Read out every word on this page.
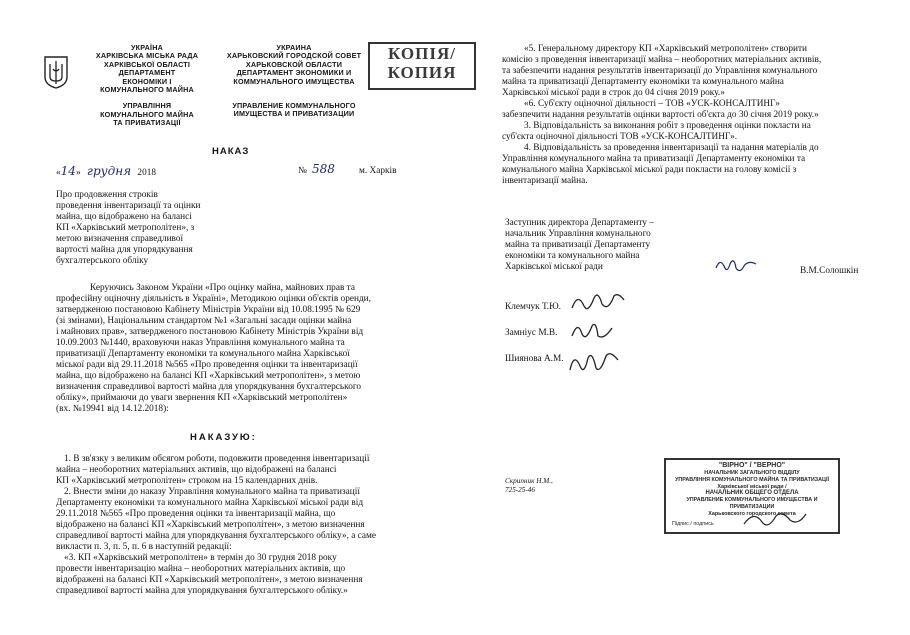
УКРАЇНА
ХАРКІВСЬКА МІСЬКА РАДА
ХАРКІВСЬКОЇ ОБЛАСТІ
ДЕПАРТАМЕНТ
ЕКОНОМІКИ І
КОМУНАЛЬНОГО МАЙНА
УПРАВЛІННЯ
КОМУНАЛЬНОГО МАЙНА
ТА ПРИВАТИЗАЦІЇ
УКРАИНА
ХАРЬКОВСКИЙ ГОРОДСКОЙ СОВЕТ
ХАРЬКОВСКОЙ ОБЛАСТИ
ДЕПАРТАМЕНТ ЭКОНОМИКИ И
КОММУНАЛЬНОГО ИМУЩЕСТВА
УПРАВЛЕНИЕ КОММУНАЛЬНОГО
ИМУЩЕСТВА И ПРИВАТИЗАЦИИ
КОПІЯ/
КОПИЯ
НАКАЗ
«14» грудня 2018	№ 588	м. Харків
Про продовження строків
проведення інвентаризації та оцінки
майна, що відображено на балансі
КП «Харківський метрополітен», з
метою визначення справедливої
вартості майна для упорядкування
бухгалтерського обліку
Керуючись Законом України «Про оцінку майна, майнових прав та
професійну оціночну діяльність в Україні», Методикою оцінки об'єктів оренди,
затвердженою постановою Кабінету Міністрів України від 10.08.1995 № 629
(зі змінами), Національним стандартом №1 «Загальні засади оцінки майна
і майнових прав», затвердженого постановою Кабінету Міністрів України від
10.09.2003 №1440, враховуючи наказ Управління комунального майна та
приватизації Департаменту економіки та комунального майна Харківської
міської ради від 29.11.2018 №565 «Про проведення оцінки та інвентаризації
майна, що відображено на балансі КП «Харківський метрополітен», з метою
визначення справедливої вартості майна для упорядкування бухгалтерського
обліку», приймаючи до уваги звернення КП «Харківський метрополітен»
(вх. №19941 від 14.12.2018):
НАКАЗУЮ:
1. В зв'язку з великим обсягом роботи, подовжити проведення інвентаризації
майна – необоротних матеріальних активів, що відображені на балансі
КП «Харківський метрополітен» строком на 15 календарних днів.
2. Внести зміни до наказу Управління комунального майна та приватизації
Департаменту економіки та комунального майна Харківської міської ради від
29.11.2018 №565 «Про проведення оцінки та інвентаризації майна, що
відображено на балансі КП «Харківський метрополітен», з метою визначення
справедливої вартості майна для упорядкування бухгалтерського обліку», а саме
викласти п. 3, п. 5, п. 6 в наступній редакції:
«3. КП «Харківський метрополітен» в термін до 30 грудня 2018 року
провести інвентаризацію майна – необоротних матеріальних активів, що
відображені на балансі КП «Харківський метрополітен», з метою визначення
справедливої вартості майна для упорядкування бухгалтерського обліку.»
«5. Генеральному директору КП «Харківський метрополітен» створити
комісію з проведення інвентаризації майна – необоротних матеріальних активів,
та забезпечити надання результатів інвентаризації до Управління комунального
майна та приватизації Департаменту економіки та комунального майна
Харківської міської ради в строк до 04 січня 2019 року.»
«6. Суб'єкту оціночної діяльності – ТОВ «УСК-КОНСАЛТИНГ»
забезпечити надання результатів оцінки вартості об'єкта до 30 січня 2019 року.»
3. Відповідальність за виконання робіт з проведення оцінки покласти на
суб'єкта оціночної діяльності ТОВ «УСК-КОНСАЛТИНГ».
4. Відповідальність за проведення інвентаризації та надання матеріалів до
Управління комунального майна та приватизації Департаменту економіки та
комунального майна Харківської міської ради покласти на голову комісії з
інвентаризації майна.
Заступник директора Департаменту –
начальник Управління комунального
майна та приватизації Департаменту
економіки та комунального майна
Харківської міської ради	В.М.Солошкін
Клемчук Т.Ю.
Замніус М.В.
Шиянова А.М.
Скрипник Н.М.,
725-25-46
"ВІРНО" / "ВЕРНО"
НАЧАЛЬНИК ЗАГАЛЬНОГО ВІДДІЛУ
УПРАВЛІННЯ КОМУНАЛЬНОГО МАЙНА ТА ПРИВАТИЗАЦІЇ
Харківської міської ради /
НАЧАЛЬНИК ОБЩЕГО ОТДЕЛА
УПРАВЛЕНИЕ КОММУНАЛЬНОГО ИМУЩЕСТВА И ПРИВАТИЗАЦИИ
Харьковского городского совета
Підпис / подпись
